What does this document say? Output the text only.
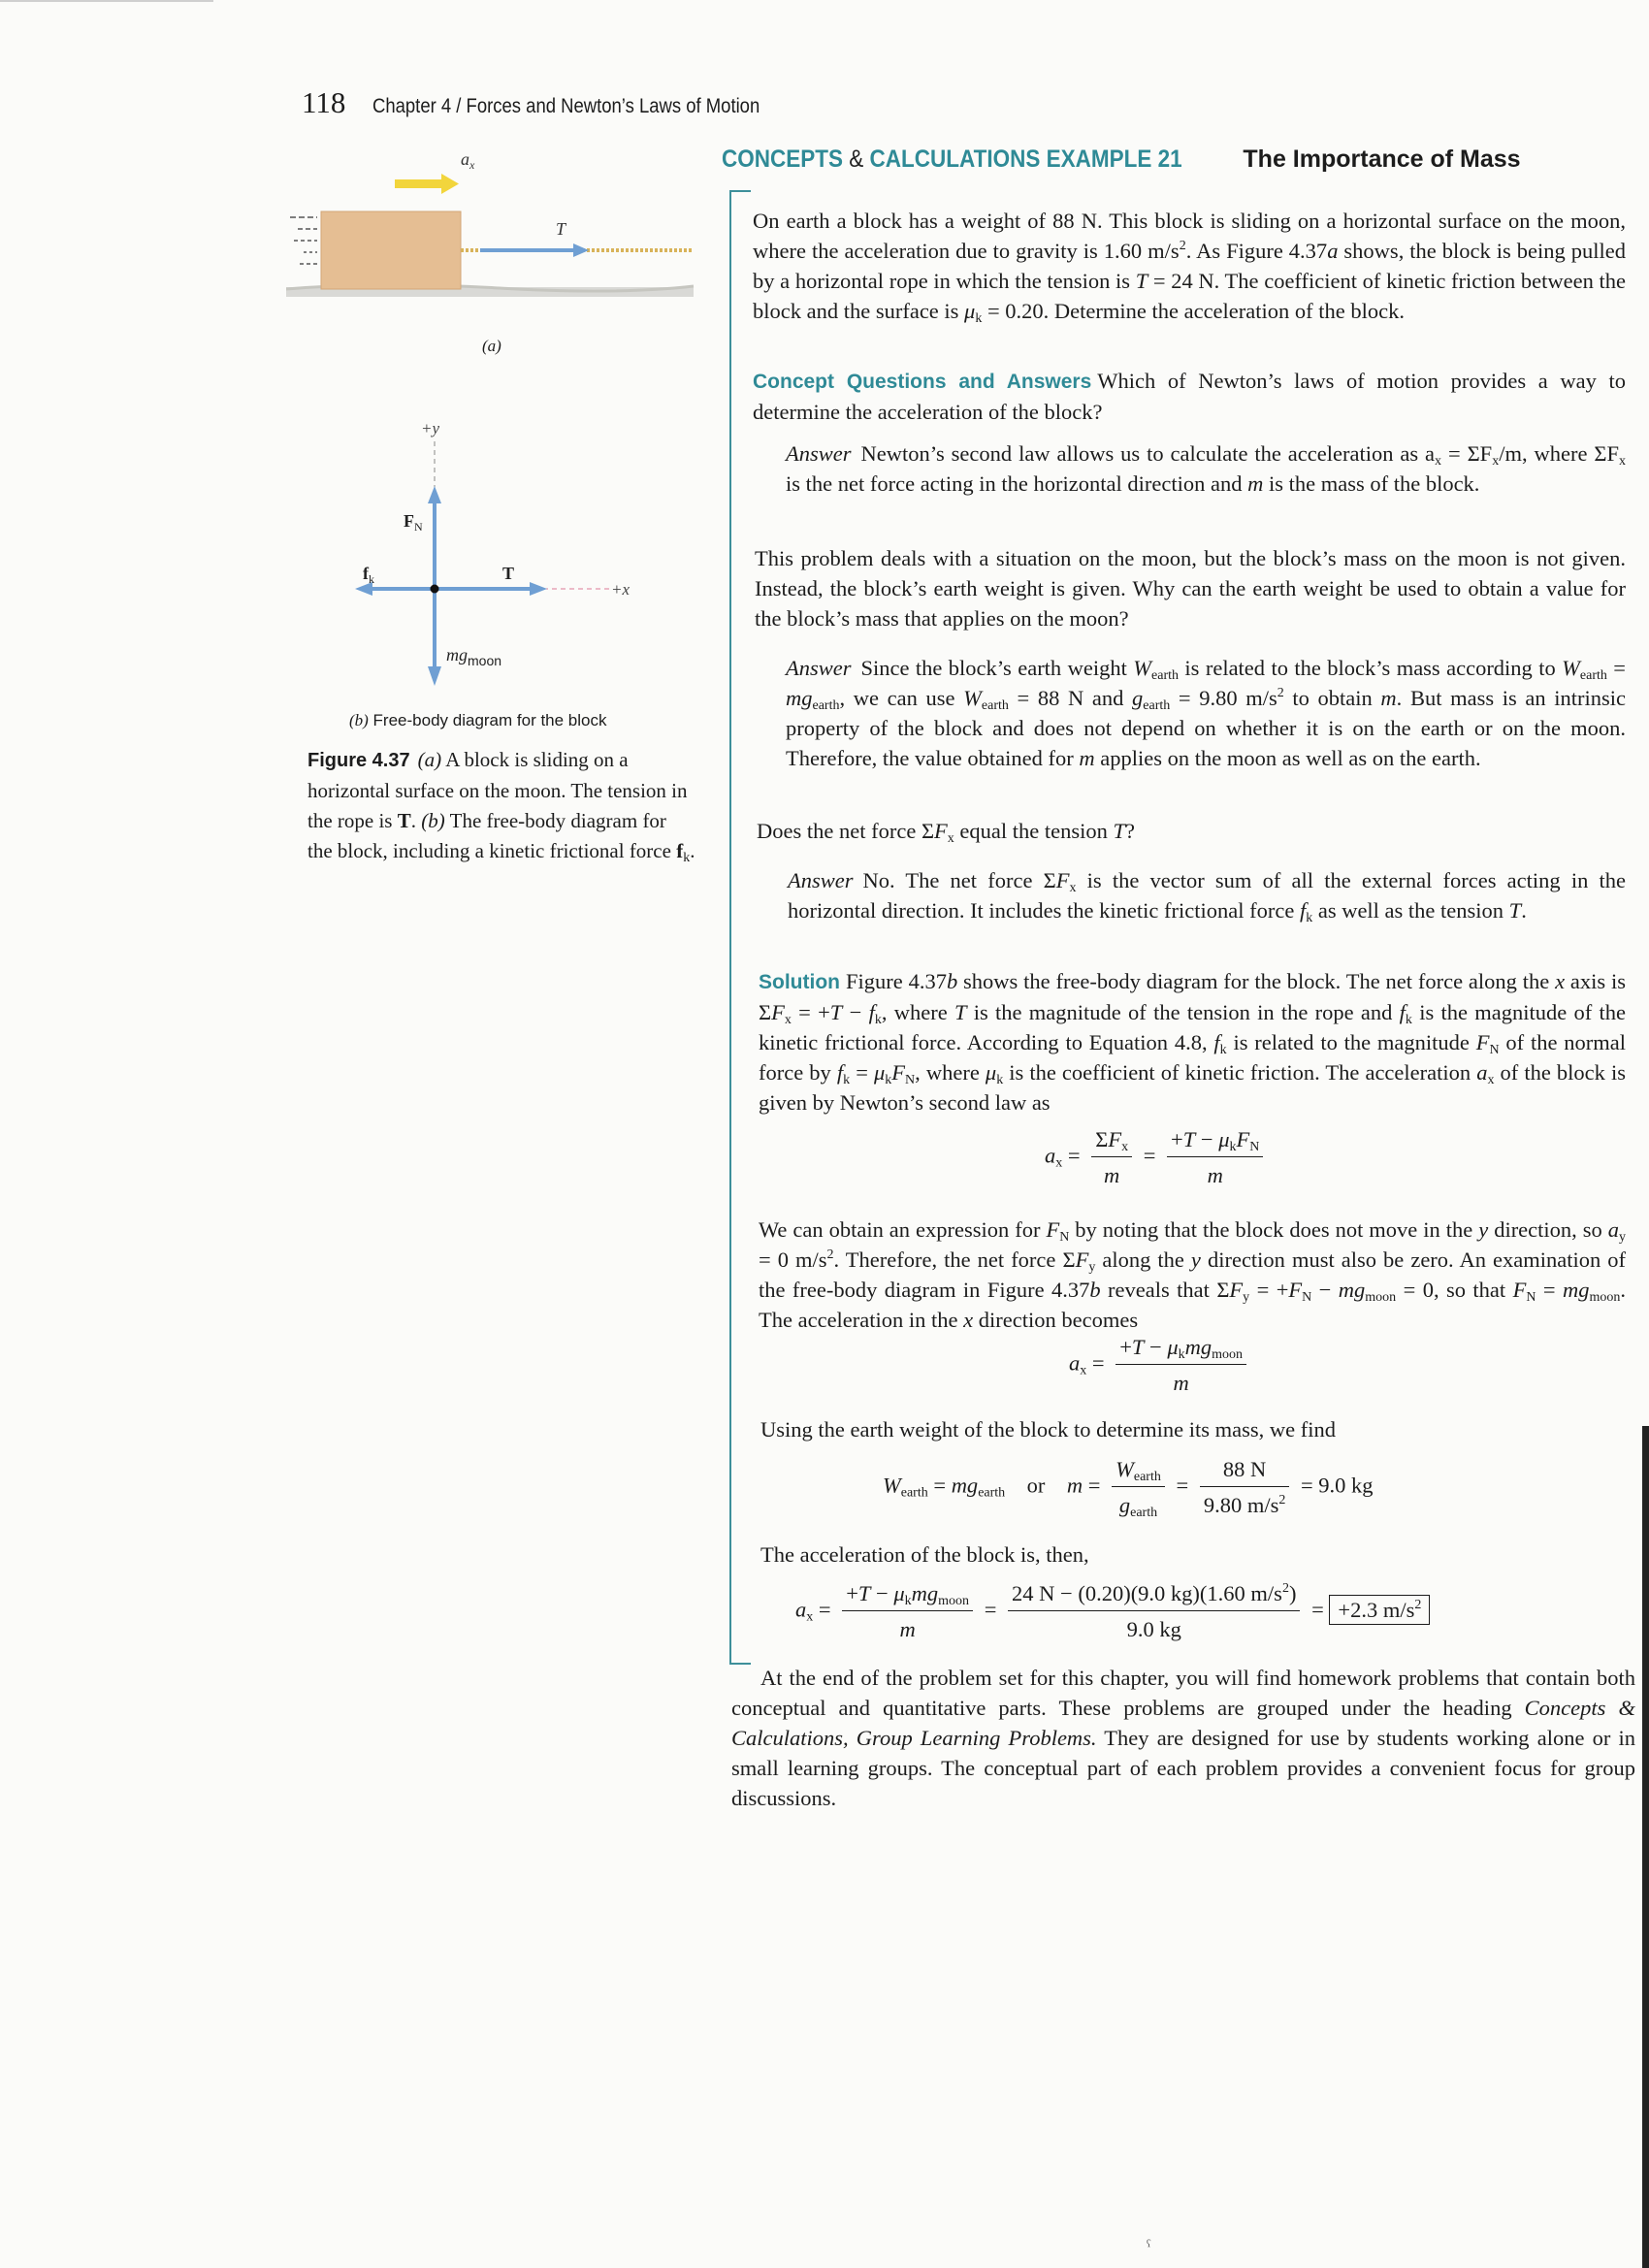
118 Chapter 4 / Forces and Newton’s Laws of Motion
$a_x$
T
(a)
+y
+x
$F_N$
$f_k$	T
$mg_{moon}$
(b) Free-body diagram for the block
Figure 4.37 (a) A block is sliding on a horizontal surface on the moon. The tension in the rope is T. (b) The free-body diagram for the block, including a kinetic frictional force $f_k$.
CONCEPTS & CALCULATIONS EXAMPLE 21	The Importance of Mass
On earth a block has a weight of 88 N. This block is sliding on a horizontal surface on the moon, where the acceleration due to gravity is 1.60 $m/s^2$. As Figure 4.37a shows, the block is being pulled by a horizontal rope in which the tension is T = 24 N. The coefficient of kinetic friction between the block and the surface is $\mu_k = 0.20$. Determine the acceleration of the block.
Concept Questions and Answers Which of Newton’s laws of motion provides a way to determine the acceleration of the block?
Answer Newton’s second law allows us to calculate the acceleration as $a_x = \Sigma F_x/m$, where $\Sigma F_x$ is the net force acting in the horizontal direction and m is the mass of the block.
This problem deals with a situation on the moon, but the block’s mass on the moon is not given. Instead, the block’s earth weight is given. Why can the earth weight be used to obtain a value for the block’s mass that applies on the moon?
Answer Since the block’s earth weight $W_{earth}$ is related to the block’s mass according to $W_{earth} = mg_{earth}$, we can use $W_{earth} = 88$ N and $g_{earth} = 9.80$ $m/s^2$ to obtain m. But mass is an intrinsic property of the block and does not depend on whether it is on the earth or on the moon. Therefore, the value obtained for m applies on the moon as well as on the earth.
Does the net force $\Sigma F_x$ equal the tension T?
Answer No. The net force $\Sigma F_x$ is the vector sum of all the external forces acting in the horizontal direction. It includes the kinetic frictional force $f_k$ as well as the tension T.
Solution Figure 4.37b shows the free-body diagram for the block. The net force along the x axis is $\Sigma F_x = +T - f_k$, where T is the magnitude of the tension in the rope and $f_k$ is the magnitude of the kinetic frictional force. According to Equation 4.8, $f_k$ is related to the magnitude $F_N$ of the normal force by $f_k = \mu_kF_N$, where $\mu_k$ is the coefficient of kinetic friction. The acceleration $a_x$ of the block is given by Newton’s second law as
$a_x = \frac{\Sigma F_x}{m} = \frac{+T - \mu_kF_N}{m}$
We can obtain an expression for $F_N$ by noting that the block does not move in the y direction, so $a_y = 0$ $m/s^2$. Therefore, the net force $\Sigma F_y$ along the y direction must also be zero. An examination of the free-body diagram in Figure 4.37b reveals that $\Sigma F_y = +F_N - mg_{moon} = 0$, so that $F_N = mg_{moon}$. The acceleration in the x direction becomes
$a_x = \frac{+T - \mu_kmg_{moon}}{m}$
Using the earth weight of the block to determine its mass, we find
$W_{earth} = mg_{earth}$ or $m = \frac{W_{earth}}{g_{earth}} = \frac{88 N}{9.80 m/s^2} = 9.0$ kg
The acceleration of the block is, then,
$a_x = \frac{+T - \mu_kmg_{moon}}{m} = \frac{24 N - (0.20)(9.0 kg)(1.60 m/s^2)}{9.0 kg} = +2.3$ $m/s^2$
At the end of the problem set for this chapter, you will find homework problems that contain both conceptual and quantitative parts. These problems are grouped under the heading Concepts & Calculations, Group Learning Problems. They are designed for use by students working alone or in small learning groups. The conceptual part of each problem provides a convenient focus for group discussions.
ˁ
